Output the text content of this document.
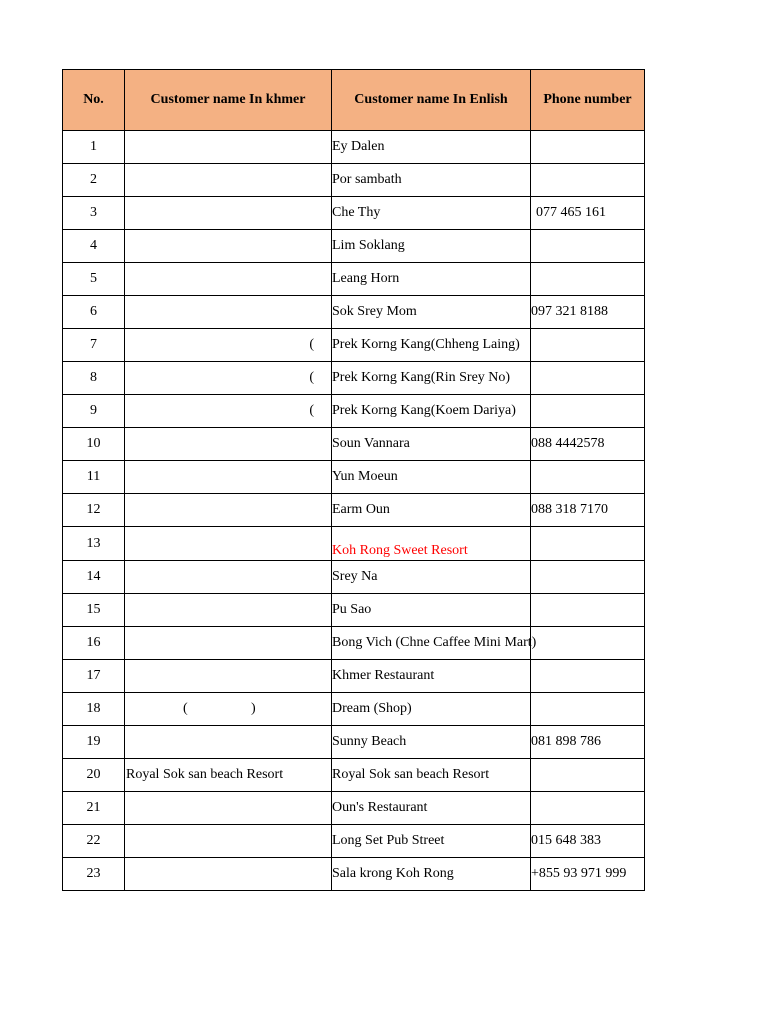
No.	Customer name In khmer	Customer name In Enlish	Phone number
1		Ey Dalen	
2		Por sambath	
3		Che Thy	077 465 161
4		Lim Soklang	
5		Leang Horn	
6		Sok Srey Mom	097 321 8188
7	(	Prek Korng Kang(Chheng Laing)	
8	(	Prek Korng Kang(Rin Srey No)	
9	(	Prek Korng Kang(Koem Dariya)	
10		Soun Vannara	088 4442578
11		Yun Moeun	
12		Earm Oun	088 318 7170
13		Koh Rong Sweet Resort	
14		Srey Na	
15		Pu Sao	
16		Bong Vich (Chne Caffee Mini Mart)	
17		Khmer Restaurant	
18	( )	Dream (Shop)	
19		Sunny Beach	081 898 786
20	Royal Sok san beach Resort	Royal Sok san beach Resort	
21		Oun's Restaurant	
22		Long Set Pub Street	015 648 383
23		Sala krong Koh Rong	+855 93 971 999
